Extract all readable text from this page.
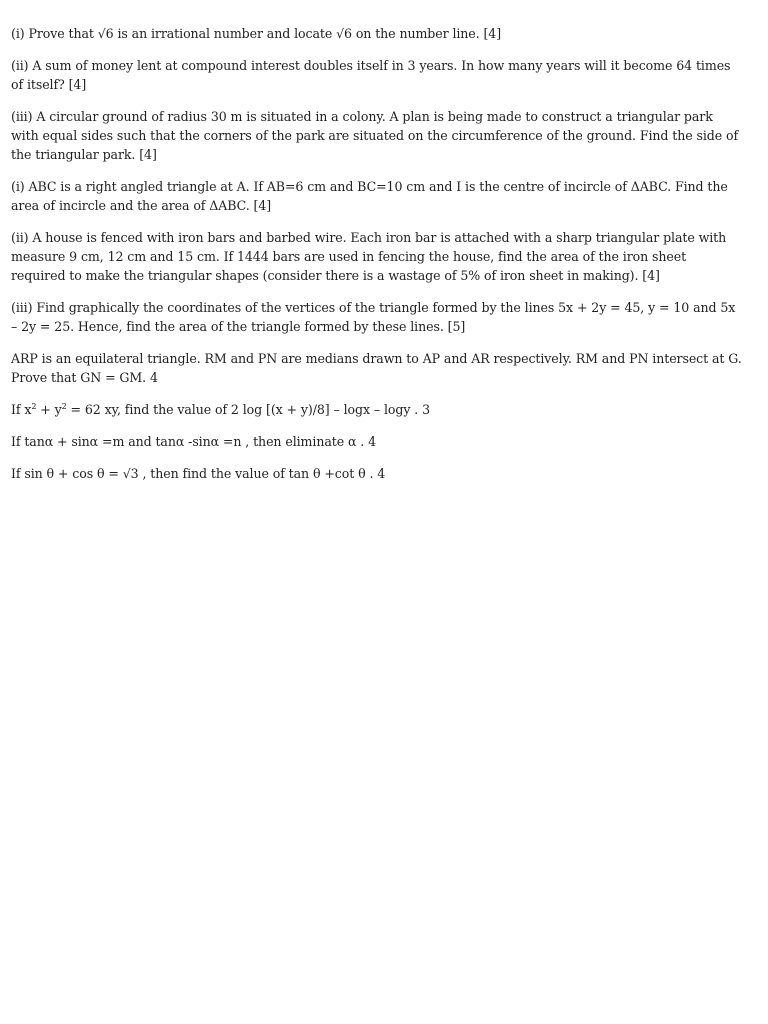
(i) Prove that √6 is an irrational number and locate √6 on the number line. [4]

(ii) A sum of money lent at compound interest doubles itself in 3 years. In how many years will it become 64 times of itself? [4]

(iii) A circular ground of radius 30 m is situated in a colony. A plan is being made to construct a triangular park with equal sides such that the corners of the park are situated on the circumference of the ground. Find the side of the triangular park. [4]

(i) ABC is a right angled triangle at A. If AB=6 cm and BC=10 cm and I is the centre of incircle of ΔABC. Find the area of incircle and the area of ΔABC. [4]

(ii) A house is fenced with iron bars and barbed wire. Each iron bar is attached with a sharp triangular plate with measure 9 cm, 12 cm and 15 cm. If 1444 bars are used in fencing the house, find the area of the iron sheet required to make the triangular shapes (consider there is a wastage of 5% of iron sheet in making). [4]

(iii) Find graphically the coordinates of the vertices of the triangle formed by the lines 5x + 2y = 45, y = 10 and 5x – 2y = 25. Hence, find the area of the triangle formed by these lines. [5]

ARP is an equilateral triangle. RM and PN are medians drawn to AP and AR respectively. RM and PN intersect at G. Prove that GN = GM. 4

If $x^2 + y^2 = 62$ xy, find the value of 2 log [(x + y)/8] – logx – logy . 3

If tanα + sinα =m and tanα -sinα =n , then eliminate α . 4

If sin θ + cos θ = √3 , then find the value of tan θ +cot θ . 4
